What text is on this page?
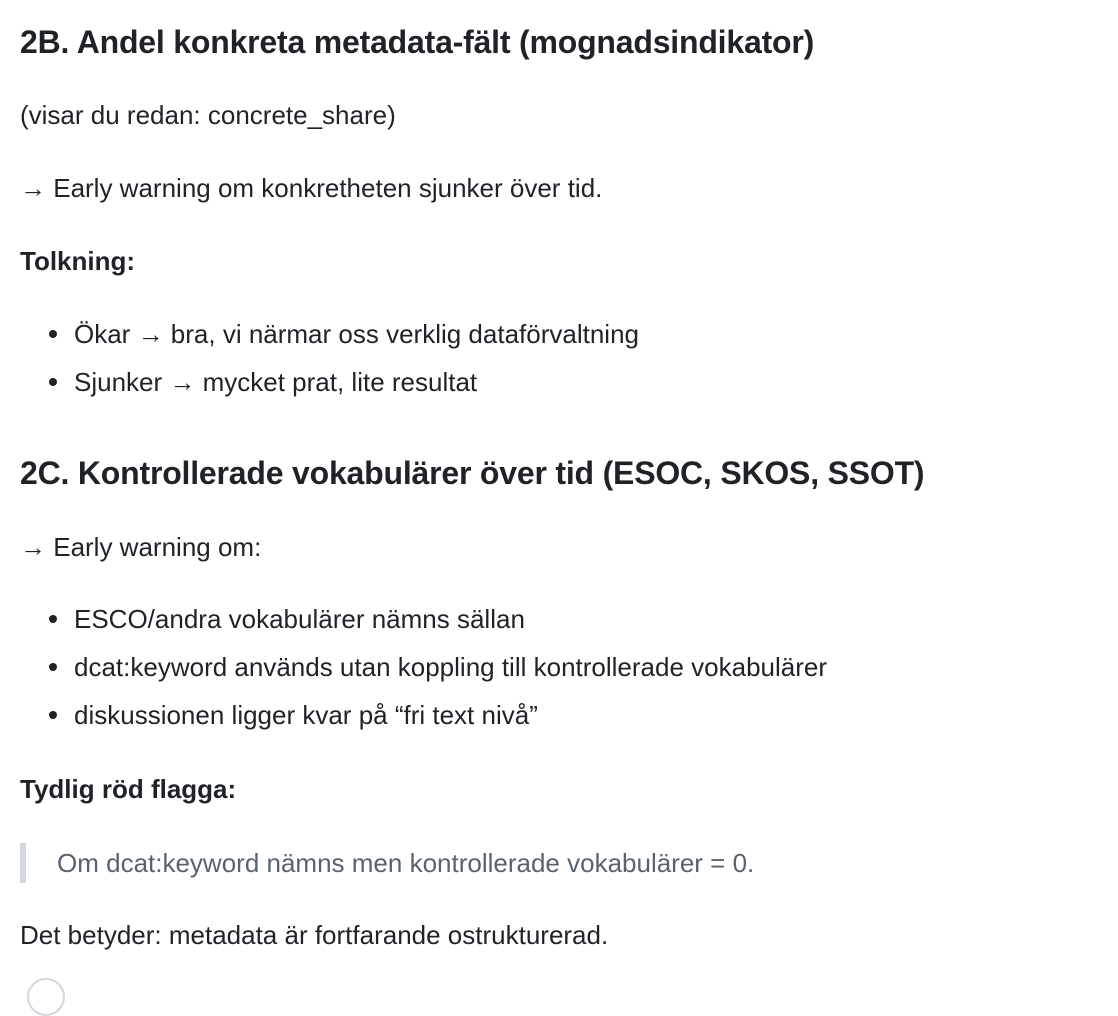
2B. Andel konkreta metadata-fält (mognadsindikator)

(visar du redan: concrete_share)

→ Early warning om konkretheten sjunker över tid.

Tolkning:

Ökar → bra, vi närmar oss verklig dataförvaltning
Sjunker → mycket prat, lite resultat
2C. Kontrollerade vokabulärer över tid (ESOC, SKOS, SSOT)

→ Early warning om:

ESCO/andra vokabulärer nämns sällan
dcat:keyword används utan koppling till kontrollerade vokabulärer
diskussionen ligger kvar på “fri text nivå”

Tydlig röd flagga:

Om dcat:keyword nämns men kontrollerade vokabulärer = 0.

Det betyder: metadata är fortfarande ostrukturerad.
